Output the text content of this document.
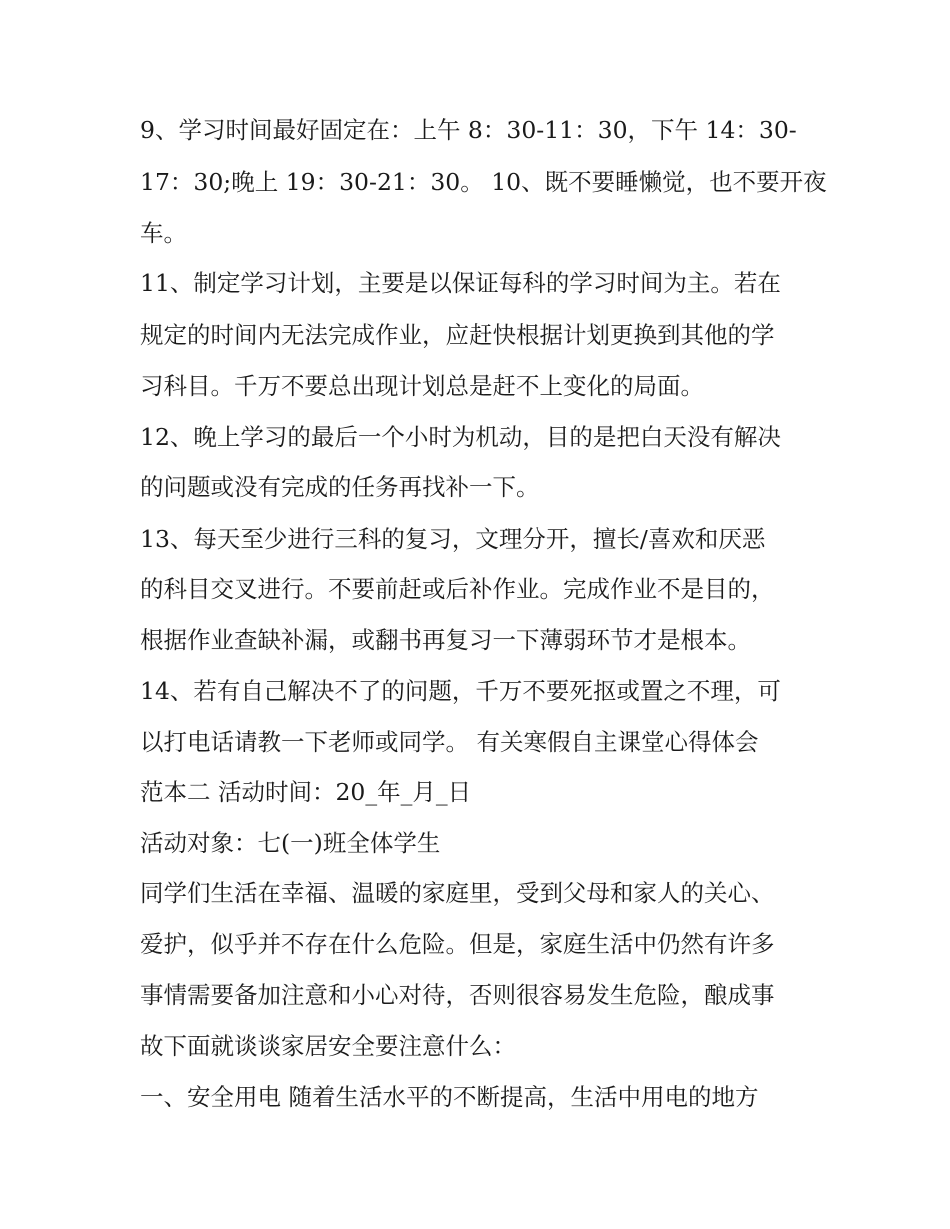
9、学习时间最好固定在：上午 8：30-11：30，下午 14：30-
17：30;晚上 19：30-21：30。 10、既不要睡懒觉，也不要开夜
车。
11、制定学习计划，主要是以保证每科的学习时间为主。若在
规定的时间内无法完成作业，应赶快根据计划更换到其他的学
习科目。千万不要总出现计划总是赶不上变化的局面。
12、晚上学习的最后一个小时为机动，目的是把白天没有解决
的问题或没有完成的任务再找补一下。
13、每天至少进行三科的复习，文理分开，擅长/喜欢和厌恶
的科目交叉进行。不要前赶或后补作业。完成作业不是目的，
根据作业查缺补漏，或翻书再复习一下薄弱环节才是根本。
14、若有自己解决不了的问题，千万不要死抠或置之不理，可
以打电话请教一下老师或同学。 有关寒假自主课堂心得体会
范本二 活动时间：20_年_月_日
活动对象：七(一)班全体学生
同学们生活在幸福、温暖的家庭里，受到父母和家人的关心、
爱护，似乎并不存在什么危险。但是，家庭生活中仍然有许多
事情需要备加注意和小心对待，否则很容易发生危险，酿成事
故下面就谈谈家居安全要注意什么：
一、安全用电 随着生活水平的不断提高，生活中用电的地方
